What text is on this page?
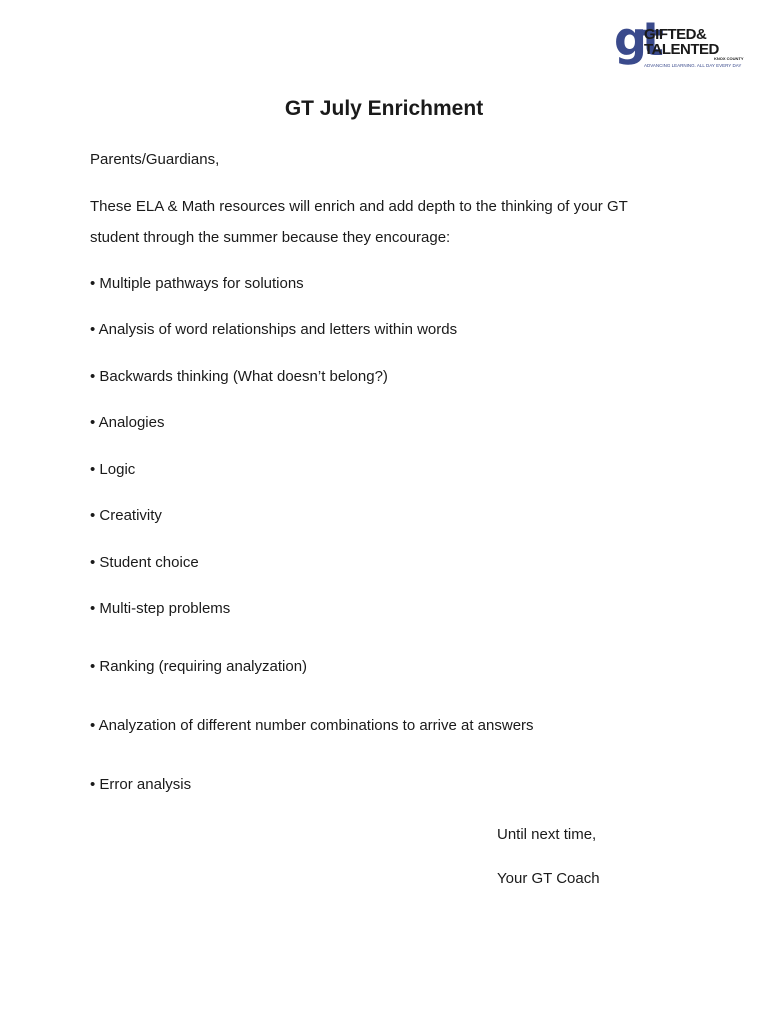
gt
GIFTED&
TALENTED
KNOX COUNTY
ADVANCING LEARNING. ALL DAY EVERY DAY
GT July Enrichment
Parents/Guardians,
These ELA & Math resources will enrich and add depth to the thinking of your GT
student through the summer because they encourage:
• Multiple pathways for solutions
• Analysis of word relationships and letters within words
• Backwards thinking (What doesn’t belong?)
• Analogies
• Logic
• Creativity
• Student choice
• Multi-step problems
• Ranking (requiring analyzation)
• Analyzation of different number combinations to arrive at answers
• Error analysis
Until next time,
Your GT Coach
